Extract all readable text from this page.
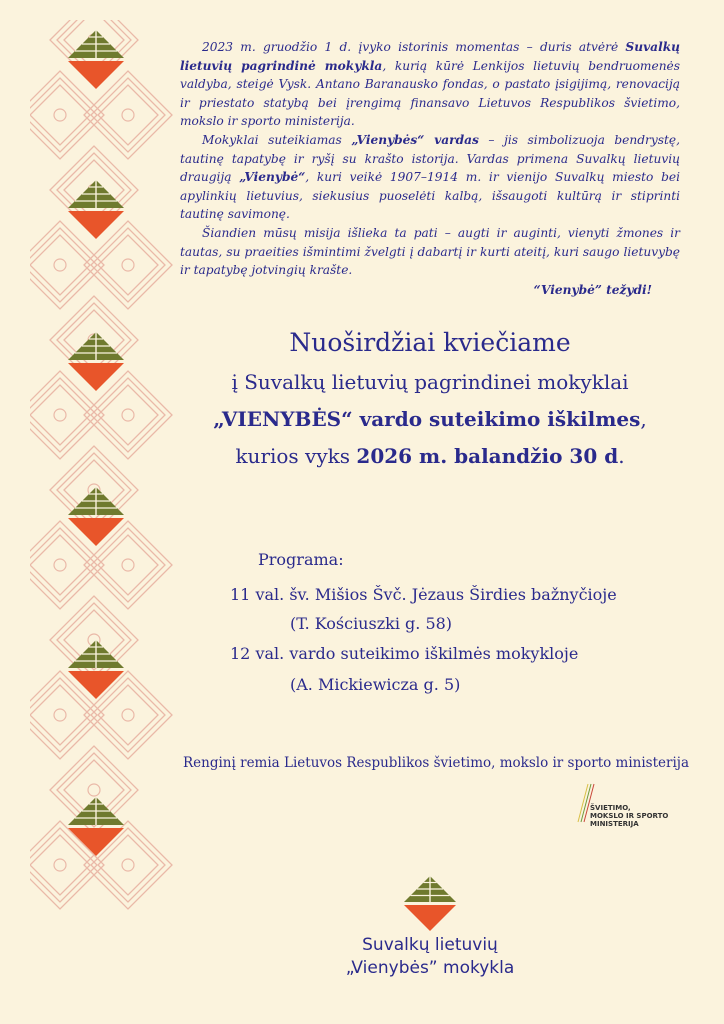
2023 m. gruodžio 1 d. įvyko istorinis momentas – duris atvėrė Suvalkų lietuvių pagrindinė mokykla, kurią kūrė Lenkijos lietuvių bendruomenės valdyba, steigė Vysk. Antano Baranausko fondas, o pastato įsigijimą, renovaciją ir priestato statybą bei įrengimą finansavo Lietuvos Respublikos švietimo, mokslo ir sporto ministerija.

Mokyklai suteikiamas „Vienybės“ vardas – jis simbolizuoja bendrystę, tautinę tapatybę ir ryšį su krašto istorija. Vardas primena Suvalkų lietuvių draugiją „Vienybė“, kuri veikė 1907–1914 m. ir vienijo Suvalkų miesto bei apylinkių lietuvius, siekusius puoselėti kalbą, išsaugoti kultūrą ir stiprinti tautinę savimonę.

Šiandien mūsų misija išlieka ta pati – augti ir auginti, vienyti žmones ir tautas, su praeities išmintimi žvelgti į dabartį ir kurti ateitį, kuri saugo lietuvybę ir tapatybę jotvingių krašte.

“Vienybė” težydi!
Nuoširdžiai kviečiame
į Suvalkų lietuvių pagrindinei mokyklai
„VIENYBĖS“ vardo suteikimo iškilmes,
kurios vyks 2026 m. balandžio 30 d.
Programa:
11 val. šv. Mišios Švč. Jėzaus Širdies bažnyčioje
(T. Kościuszki g. 58)
12 val. vardo suteikimo iškilmės mokykloje
(A. Mickiewicza g. 5)
Renginį remia Lietuvos Respublikos švietimo, mokslo ir sporto ministerija
ŠVIETIMO,
MOKSLO IR SPORTO
MINISTERIJA
Suvalkų lietuvių
„Vienybės” mokykla
